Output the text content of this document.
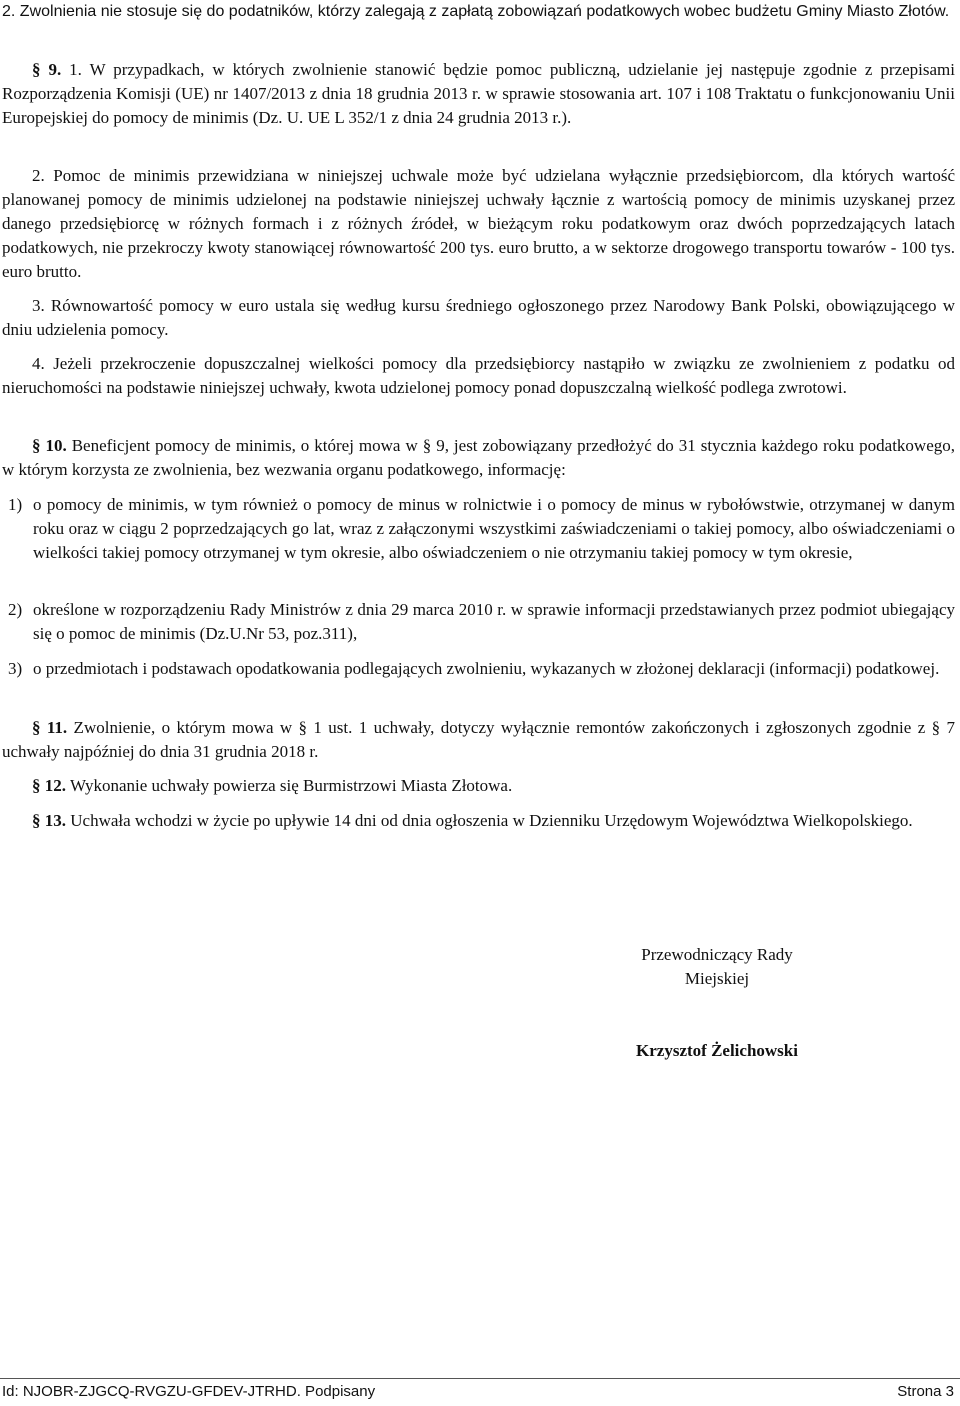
2. Zwolnienia nie stosuje się do podatników, którzy zalegają z zapłatą zobowiązań podatkowych wobec budżetu Gminy Miasto Złotów.

§ 9. 1. W przypadkach, w których zwolnienie stanowić będzie pomoc publiczną, udzielanie jej następuje zgodnie z przepisami Rozporządzenia Komisji (UE) nr 1407/2013 z dnia 18 grudnia 2013 r. w sprawie stosowania art. 107 i 108 Traktatu o funkcjonowaniu Unii Europejskiej do pomocy de minimis (Dz. U. UE L 352/1 z dnia 24 grudnia 2013 r.).

2. Pomoc de minimis przewidziana w niniejszej uchwale może być udzielana wyłącznie przedsiębiorcom, dla których wartość planowanej pomocy de minimis udzielonej na podstawie niniejszej uchwały łącznie z wartością pomocy de minimis uzyskanej przez danego przedsiębiorcę w różnych formach i z różnych źródeł, w bieżącym roku podatkowym oraz dwóch poprzedzających latach podatkowych, nie przekroczy kwoty stanowiącej równowartość 200 tys. euro brutto, a w sektorze drogowego transportu towarów - 100 tys. euro brutto.

3. Równowartość pomocy w euro ustala się według kursu średniego ogłoszonego przez Narodowy Bank Polski, obowiązującego w dniu udzielenia pomocy.

4. Jeżeli przekroczenie dopuszczalnej wielkości pomocy dla przedsiębiorcy nastąpiło w związku ze zwolnieniem z podatku od nieruchomości na podstawie niniejszej uchwały, kwota udzielonej pomocy ponad dopuszczalną wielkość podlega zwrotowi.

§ 10. Beneficjent pomocy de minimis, o której mowa w § 9, jest zobowiązany przedłożyć do 31 stycznia każdego roku podatkowego, w którym korzysta ze zwolnienia, bez wezwania organu podatkowego, informację:

1) o pomocy de minimis, w tym również o pomocy de minus w rolnictwie i o pomocy de minus w rybołówstwie, otrzymanej w danym roku oraz w ciągu 2 poprzedzających go lat, wraz z załączonymi wszystkimi zaświadczeniami o takiej pomocy, albo oświadczeniami o wielkości takiej pomocy otrzymanej w tym okresie, albo oświadczeniem o nie otrzymaniu takiej pomocy w tym okresie,
2) określone w rozporządzeniu Rady Ministrów z dnia 29 marca 2010 r. w sprawie informacji przedstawianych przez podmiot ubiegający się o pomoc de minimis (Dz.U.Nr 53, poz.311),
3) o przedmiotach i podstawach opodatkowania podlegających zwolnieniu, wykazanych w złożonej deklaracji (informacji) podatkowej.

§ 11. Zwolnienie, o którym mowa w § 1 ust. 1 uchwały, dotyczy wyłącznie remontów zakończonych i zgłoszonych zgodnie z § 7 uchwały najpóźniej do dnia 31 grudnia 2018 r.

§ 12. Wykonanie uchwały powierza się Burmistrzowi Miasta Złotowa.

§ 13. Uchwała wchodzi w życie po upływie 14 dni od dnia ogłoszenia w Dzienniku Urzędowym Województwa Wielkopolskiego.

Przewodniczący Rady
Miejskiej
Krzysztof Żelichowski
Id: NJOBR-ZJGCQ-RVGZU-GFDEV-JTRHD. Podpisany	Strona 3
